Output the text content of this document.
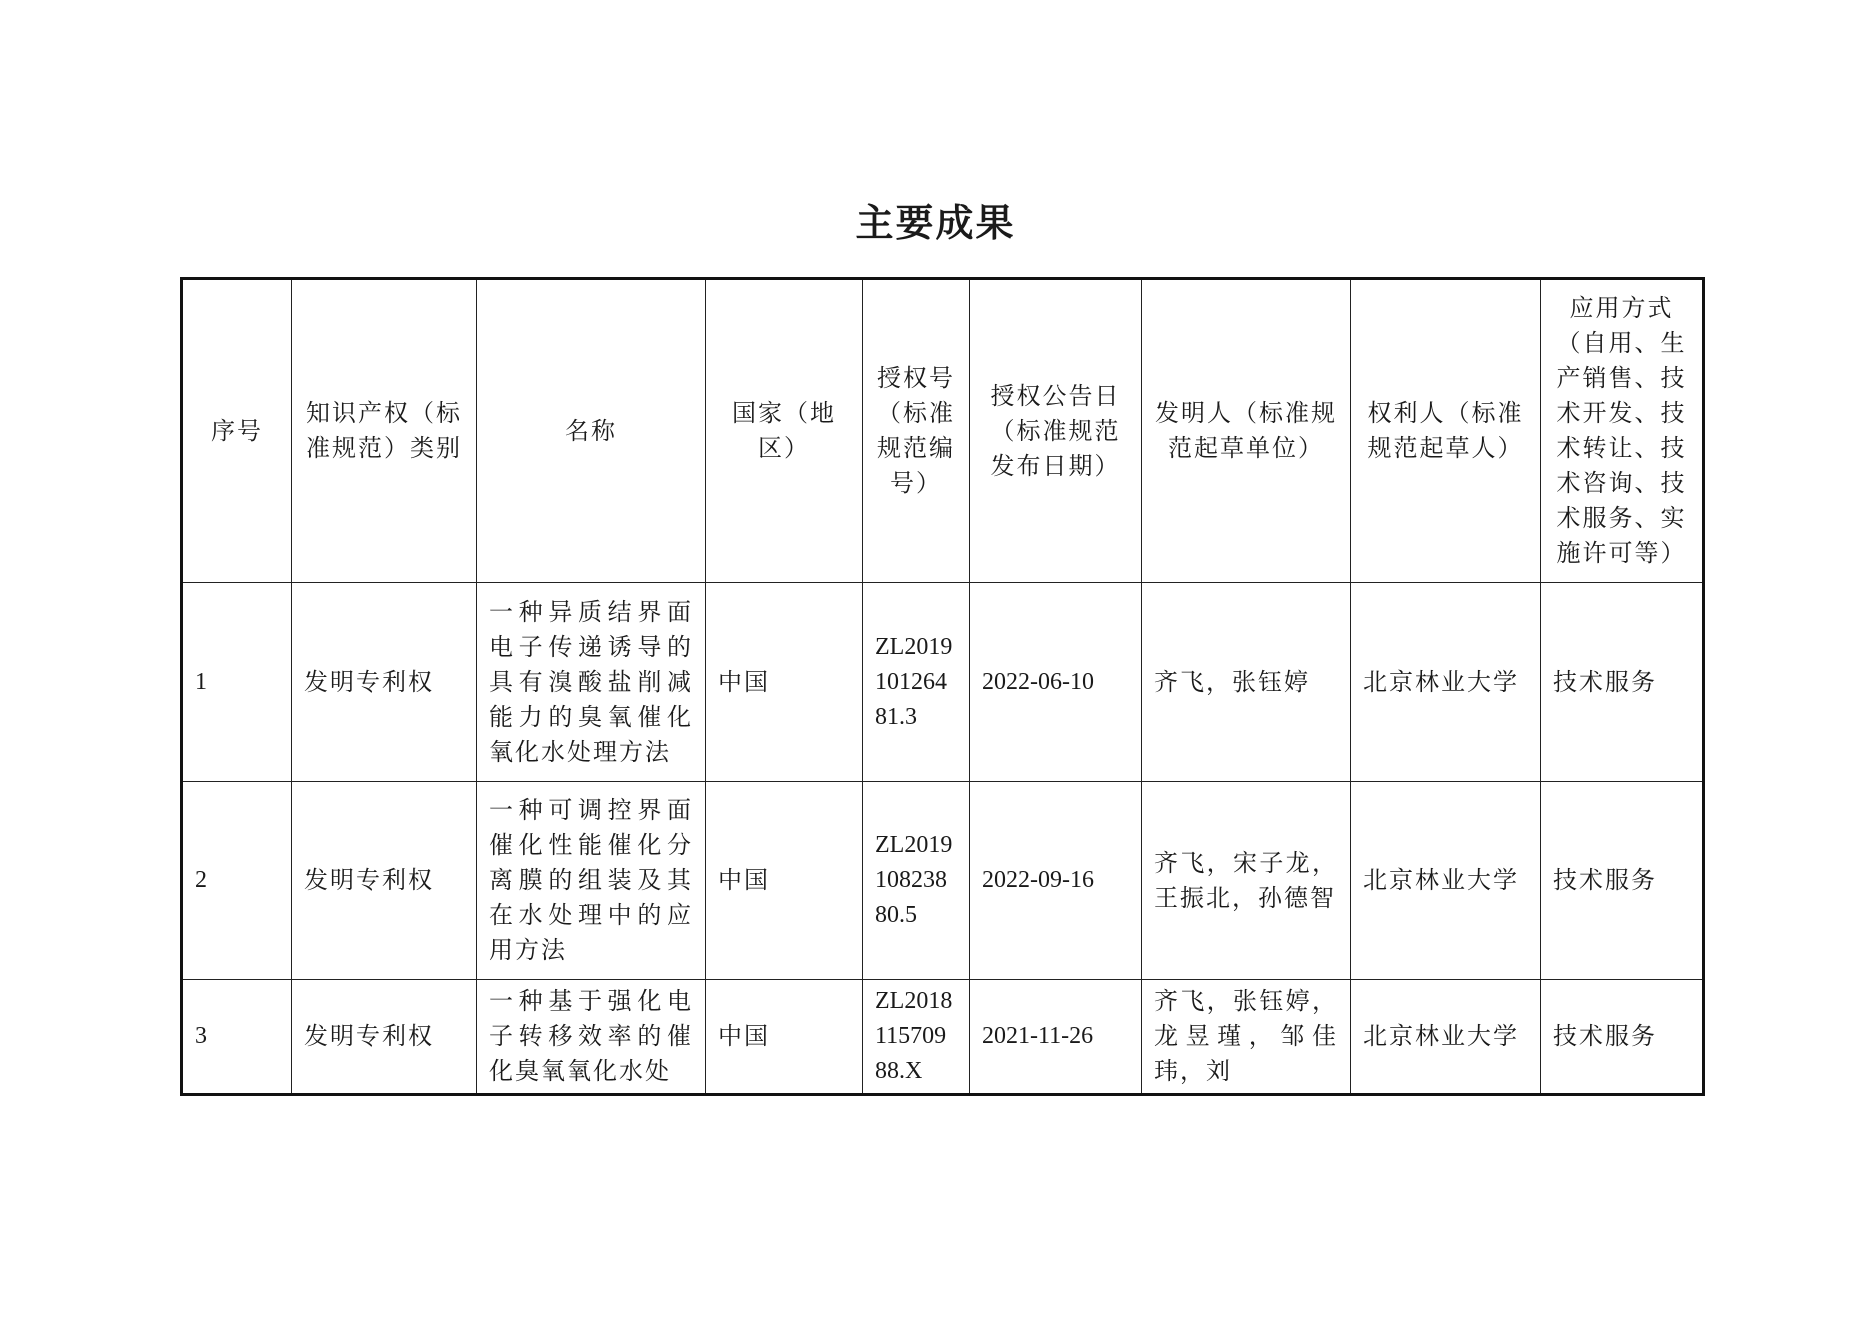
主要成果
序号	知识产权（标准规范）类别	名称	国家（地区）	授权号（标准规范编号）	授权公告日（标准规范发布日期）	发明人（标准规范起草单位）	权利人（标准规范起草人）	应用方式（自用、生产销售、技术开发、技术转让、技术咨询、技术服务、实施许可等）
1	发明专利权	一种异质结界面电子传递诱导的具有溴酸盐削减能力的臭氧催化氧化水处理方法	中国	ZL201910126481.3	2022-06-10	齐飞，张钰婷	北京林业大学	技术服务
2	发明专利权	一种可调控界面催化性能催化分离膜的组装及其在水处理中的应用方法	中国	ZL201910823880.5	2022-09-16	齐飞，宋子龙，王振北，孙德智	北京林业大学	技术服务
3	发明专利权	一种基于强化电子转移效率的催化臭氧氧化水处	中国	ZL201811570988.X	2021-11-26	齐飞，张钰婷，龙昱瑾，邹佳玮，刘	北京林业大学	技术服务
